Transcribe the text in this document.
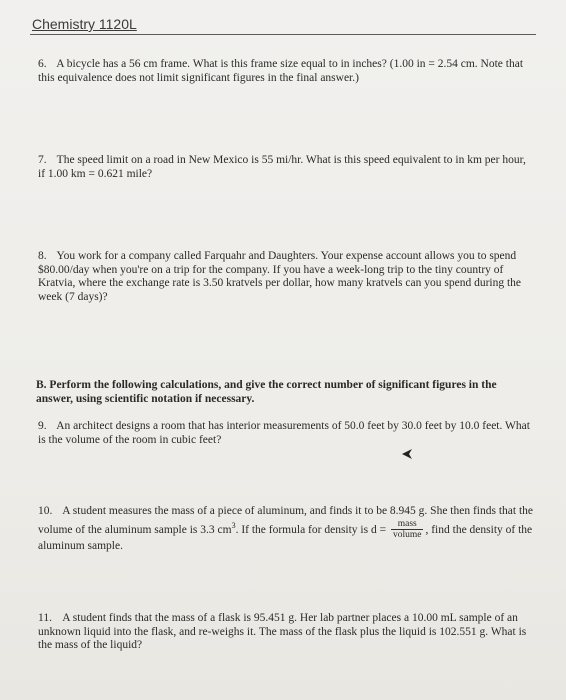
Chemistry 1120L
6. A bicycle has a 56 cm frame. What is this frame size equal to in inches? (1.00 in = 2.54 cm. Note that this equivalence does not limit significant figures in the final answer.)
7. The speed limit on a road in New Mexico is 55 mi/hr. What is this speed equivalent to in km per hour, if 1.00 km = 0.621 mile?
8. You work for a company called Farquahr and Daughters. Your expense account allows you to spend $80.00/day when you're on a trip for the company. If you have a week-long trip to the tiny country of Kratvia, where the exchange rate is 3.50 kratvels per dollar, how many kratvels can you spend during the week (7 days)?
B. Perform the following calculations, and give the correct number of significant figures in the answer, using scientific notation if necessary.
9. An architect designs a room that has interior measurements of 50.0 feet by 30.0 feet by 10.0 feet. What is the volume of the room in cubic feet?
10. A student measures the mass of a piece of aluminum, and finds it to be 8.945 g. She then finds that the volume of the aluminum sample is 3.3 $cm^3$. If the formula for density is $d = \frac{\text{mass}}{\text{volume}}$ , find the density of the aluminum sample.
11. A student finds that the mass of a flask is 95.451 g. Her lab partner places a 10.00 mL sample of an unknown liquid into the flask, and re-weighs it. The mass of the flask plus the liquid is 102.551 g. What is the mass of the liquid?
